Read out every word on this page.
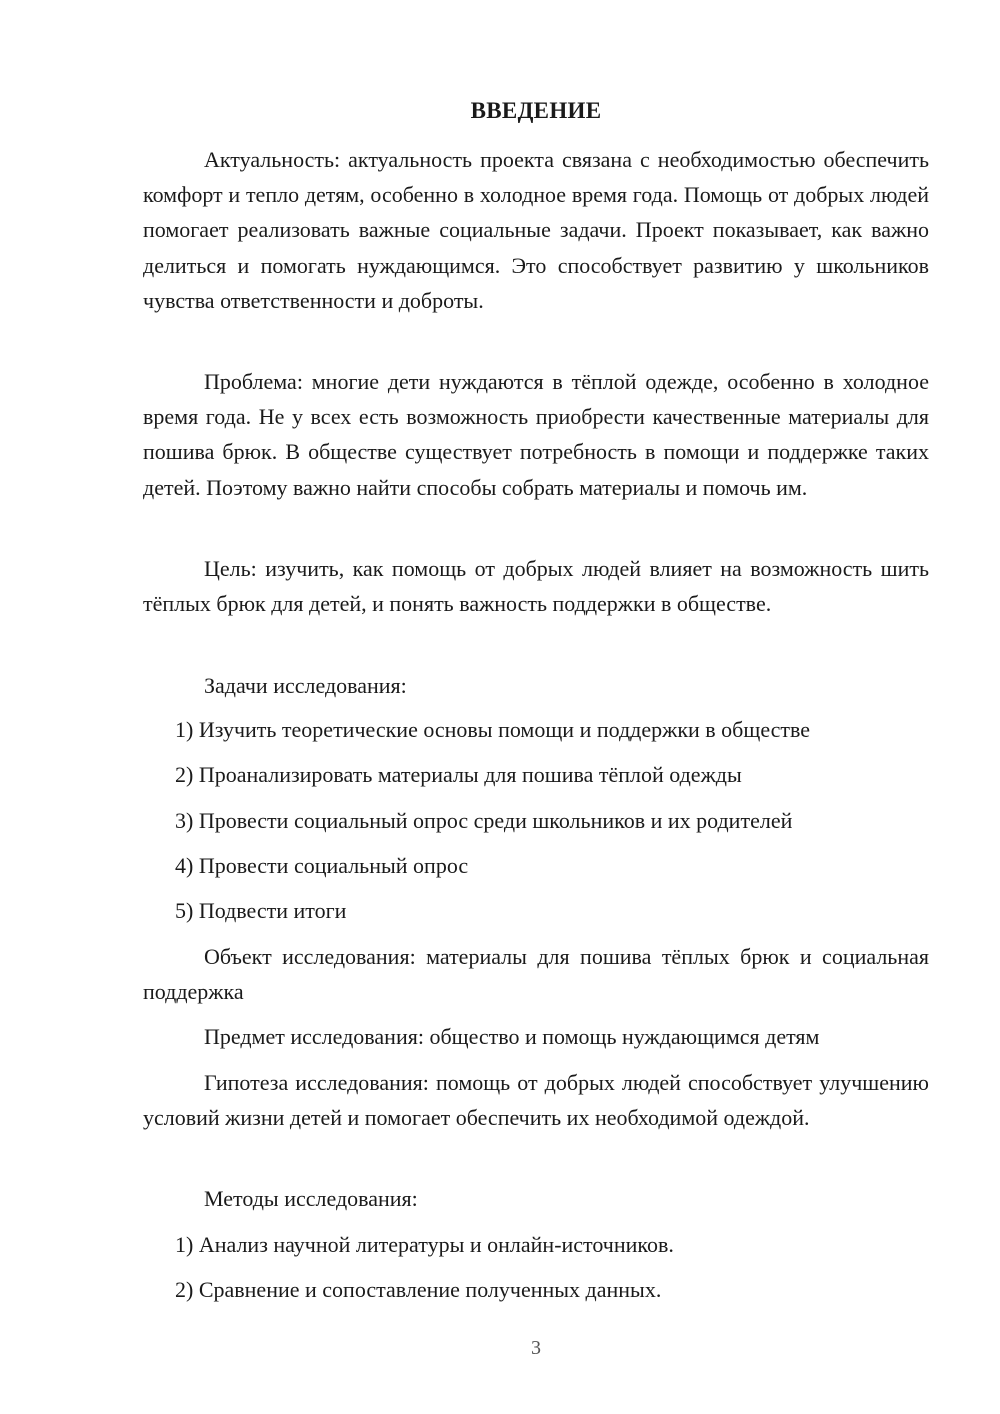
ВВЕДЕНИЕ

Актуальность: актуальность проекта связана с необходимостью обеспечить комфорт и тепло детям, особенно в холодное время года. Помощь от добрых людей помогает реализовать важные социальные задачи. Проект показывает, как важно делиться и помогать нуждающимся. Это способствует развитию у школьников чувства ответственности и доброты.

Проблема: многие дети нуждаются в тёплой одежде, особенно в холодное время года. Не у всех есть возможность приобрести качественные материалы для пошива брюк. В обществе существует потребность в помощи и поддержке таких детей. Поэтому важно найти способы собрать материалы и помочь им.

Цель: изучить, как помощь от добрых людей влияет на возможность шить тёплых брюк для детей, и понять важность поддержки в обществе.

Задачи исследования:

1) Изучить теоретические основы помощи и поддержки в обществе

2) Проанализировать материалы для пошива тёплой одежды

3) Провести социальный опрос среди школьников и их родителей

4) Провести социальный опрос

5) Подвести итоги

Объект исследования: материалы для пошива тёплых брюк и социальная поддержка

Предмет исследования: общество и помощь нуждающимся детям

Гипотеза исследования: помощь от добрых людей способствует улучшению условий жизни детей и помогает обеспечить их необходимой одеждой.

Методы исследования:

1) Анализ научной литературы и онлайн-источников.

2) Сравнение и сопоставление полученных данных.

3
